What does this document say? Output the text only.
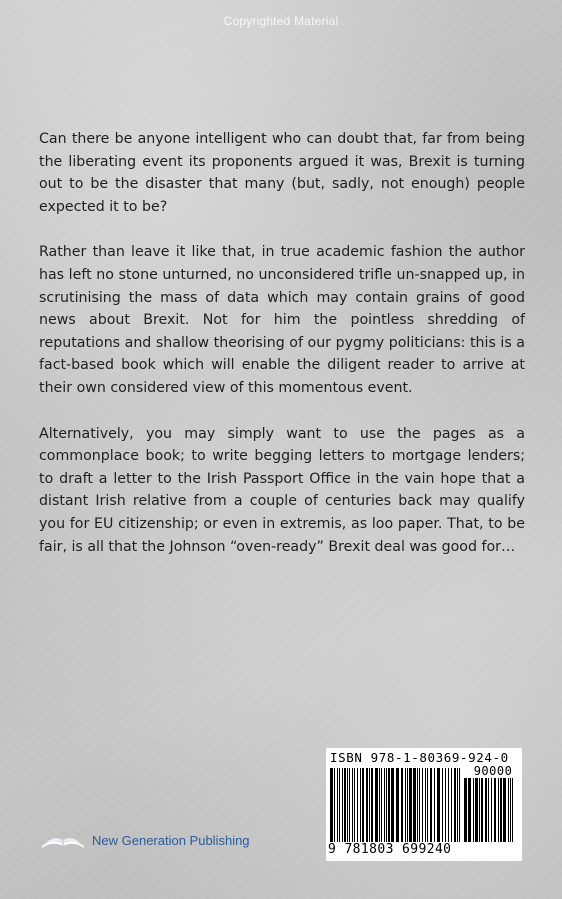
Copyrighted Material

Can there be anyone intelligent who can doubt that, far from being the liberating event its proponents argued it was, Brexit is turning out to be the disaster that many (but, sadly, not enough) people expected it to be?

Rather than leave it like that, in true academic fashion the author has left no stone unturned, no unconsidered trifle un-snapped up, in scrutinising the mass of data which may contain grains of good news about Brexit. Not for him the pointless shredding of reputations and shallow theorising of our pygmy politicians: this is a fact-based book which will enable the diligent reader to arrive at their own considered view of this momentous event.

Alternatively, you may simply want to use the pages as a commonplace book; to write begging letters to mortgage lenders; to draft a letter to the Irish Passport Office in the vain hope that a distant Irish relative from a couple of centuries back may qualify you for EU citizenship; or even in extremis, as loo paper. That, to be fair, is all that the Johnson “oven-ready” Brexit deal was good for…

New Generation Publishing
ISBN 978-1-80369-924-0
90000
9 781803 699240
